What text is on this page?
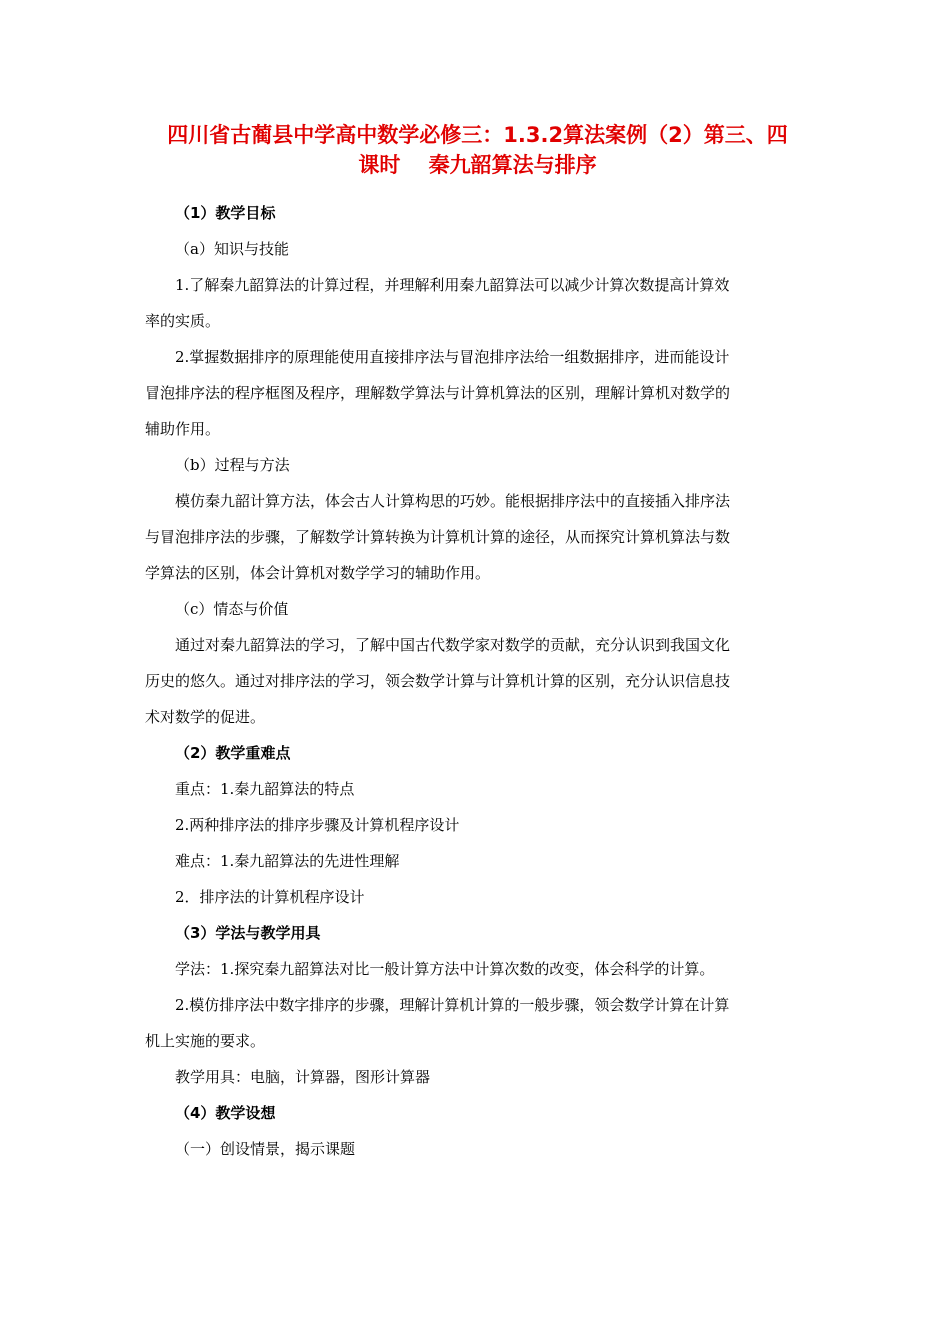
四川省古蔺县中学高中数学必修三：1.3.2算法案例（2）第三、四
课时　 秦九韶算法与排序
（1）教学目标
（a）知识与技能
1.了解秦九韶算法的计算过程，并理解利用秦九韶算法可以减少计算次数提高计算效
率的实质。
2.掌握数据排序的原理能使用直接排序法与冒泡排序法给一组数据排序，进而能设计
冒泡排序法的程序框图及程序，理解数学算法与计算机算法的区别，理解计算机对数学的
辅助作用。
（b）过程与方法
模仿秦九韶计算方法，体会古人计算构思的巧妙。能根据排序法中的直接插入排序法
与冒泡排序法的步骤，了解数学计算转换为计算机计算的途径，从而探究计算机算法与数
学算法的区别，体会计算机对数学学习的辅助作用。
（c）情态与价值
通过对秦九韶算法的学习，了解中国古代数学家对数学的贡献，充分认识到我国文化
历史的悠久。通过对排序法的学习，领会数学计算与计算机计算的区别，充分认识信息技
术对数学的促进。
（2）教学重难点
重点：1.秦九韶算法的特点
2.两种排序法的排序步骤及计算机程序设计
难点：1.秦九韶算法的先进性理解
2．排序法的计算机程序设计
（3）学法与教学用具
学法：1.探究秦九韶算法对比一般计算方法中计算次数的改变，体会科学的计算。
2.模仿排序法中数字排序的步骤，理解计算机计算的一般步骤，领会数学计算在计算
机上实施的要求。
教学用具：电脑，计算器，图形计算器
（4）教学设想
（一）创设情景，揭示课题
